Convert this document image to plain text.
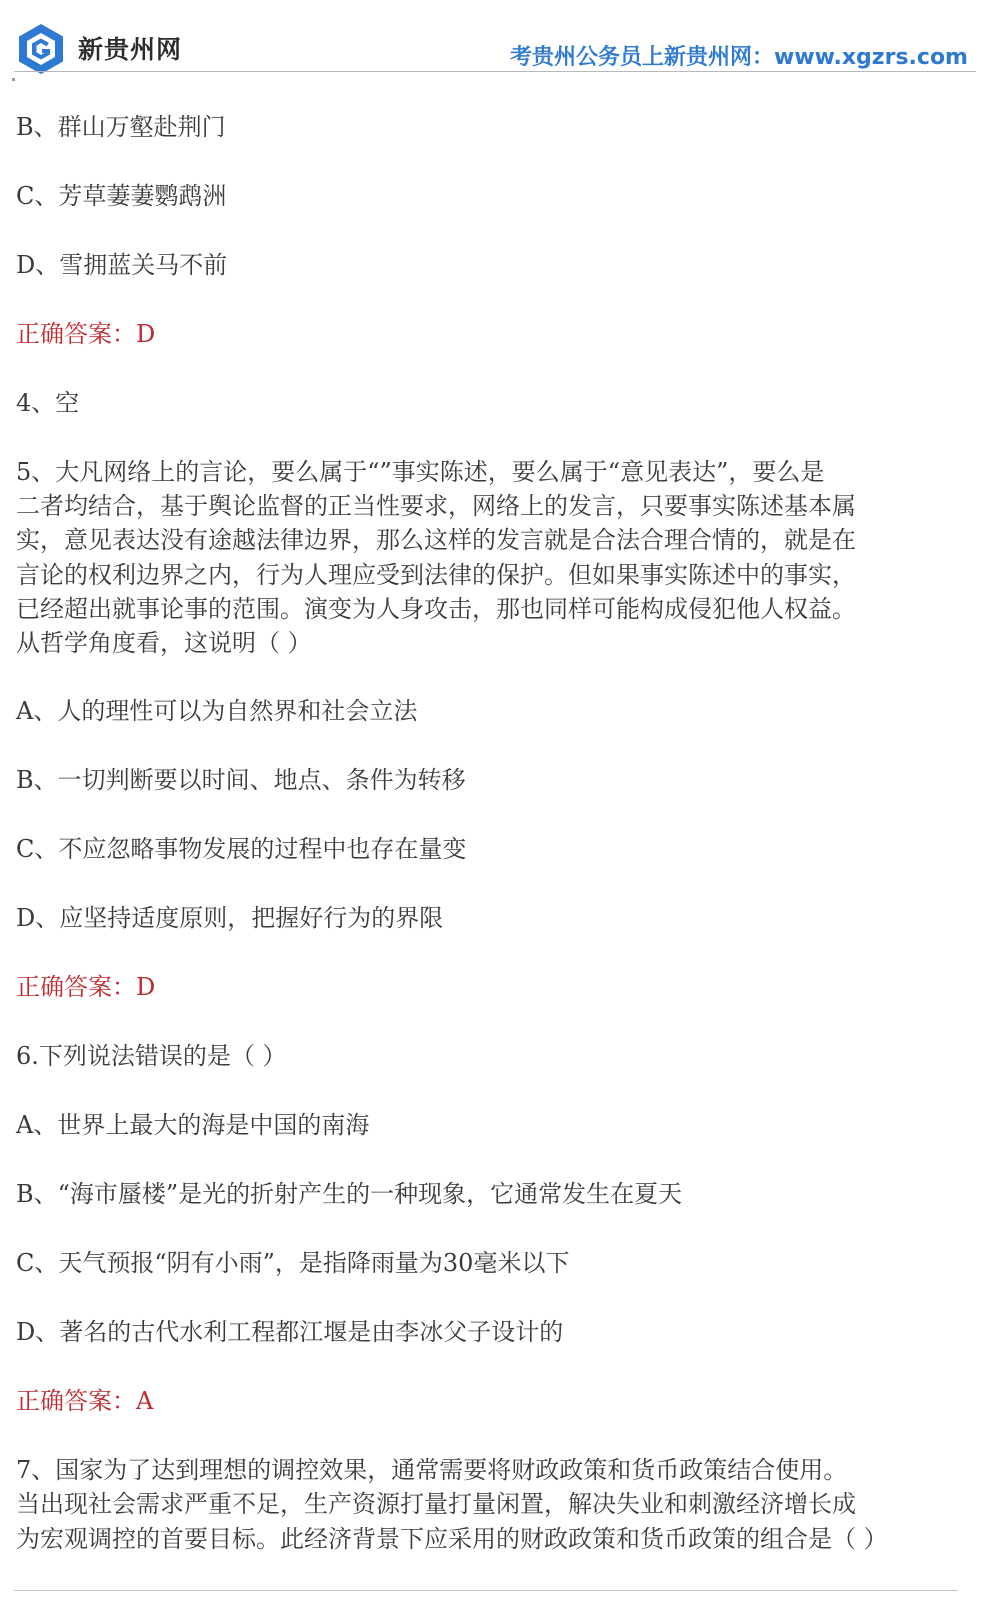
新贵州网	考贵州公务员上新贵州网：www.xgzrs.com
B、群山万壑赴荆门
C、芳草萋萋鹦鹉洲
D、雪拥蓝关马不前
正确答案：D
4、空
5、大凡网络上的言论，要么属于“”事实陈述，要么属于“意见表达”，要么是
二者均结合，基于舆论监督的正当性要求，网络上的发言，只要事实陈述基本属
实，意见表达没有途越法律边界，那么这样的发言就是合法合理合情的，就是在
言论的权利边界之内，行为人理应受到法律的保护。但如果事实陈述中的事实，
已经超出就事论事的范围。演变为人身攻击，那也同样可能构成侵犯他人权益。
从哲学角度看，这说明（ ）
A、人的理性可以为自然界和社会立法
B、一切判断要以时间、地点、条件为转移
C、不应忽略事物发展的过程中也存在量变
D、应坚持适度原则，把握好行为的界限
正确答案：D
6.下列说法错误的是（ ）
A、世界上最大的海是中国的南海
B、“海市蜃楼”是光的折射产生的一种现象，它通常发生在夏天
C、天气预报“阴有小雨”，是指降雨量为30毫米以下
D、著名的古代水利工程都江堰是由李冰父子设计的
正确答案：A
7、国家为了达到理想的调控效果，通常需要将财政政策和货币政策结合使用。
当出现社会需求严重不足，生产资源打量打量闲置，解决失业和刺激经济增长成
为宏观调控的首要目标。此经济背景下应采用的财政政策和货币政策的组合是（ ）
